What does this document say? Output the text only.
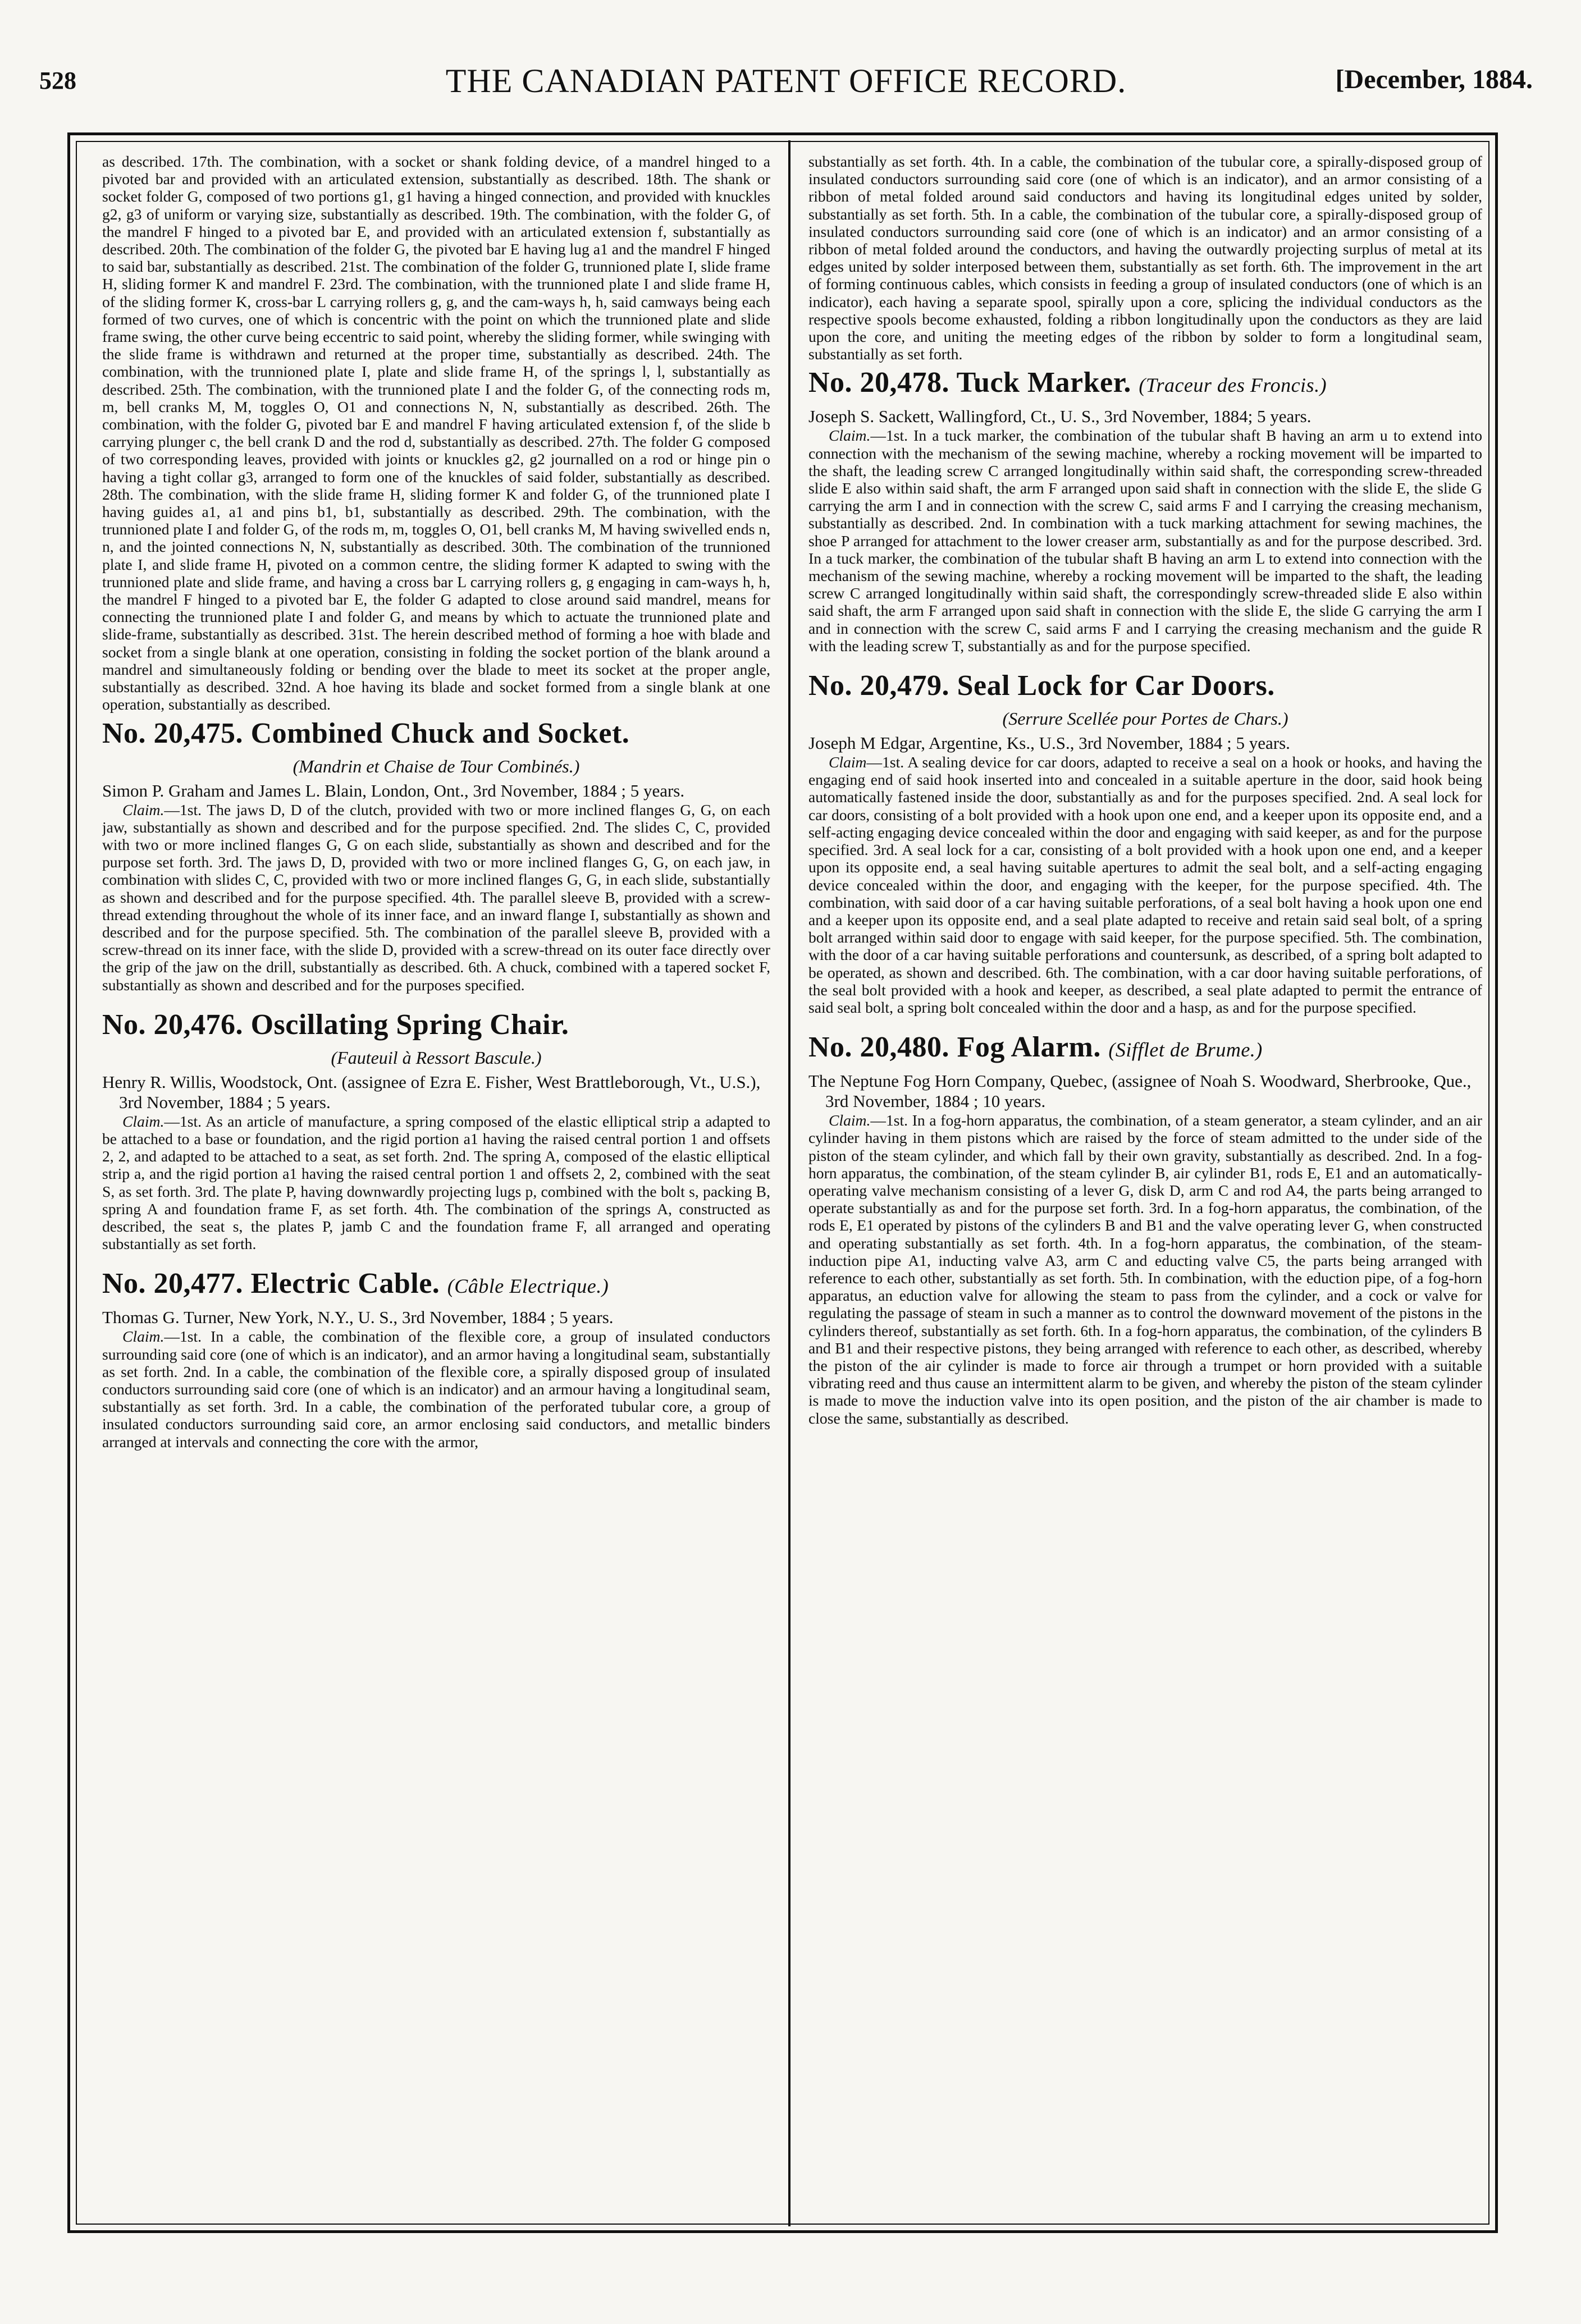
528	THE CANADIAN PATENT OFFICE RECORD.	[December, 1884.

as described. 17th. The combination, with a socket or shank folding device, of a mandrel hinged to a pivoted bar and provided with an articulated extension, substantially as described. 18th. The shank or socket folder G, composed of two portions g1, g1 having a hinged connection, and provided with knuckles g2, g3 of uniform or varying size, substantially as described. 19th. The combination, with the folder G, of the mandrel F hinged to a pivoted bar E, and provided with an articulated extension f, substantially as described. 20th. The combination of the folder G, the pivoted bar E having lug a1 and the mandrel F hinged to said bar, substantially as described. 21st. The combination of the folder G, trunnioned plate I, slide frame H, sliding former K and mandrel F. 23rd. The combination, with the trunnioned plate I and slide frame H, of the sliding former K, cross-bar L carrying rollers g, g, and the cam-ways h, h, said camways being each formed of two curves, one of which is concentric with the point on which the trunnioned plate and slide frame swing, the other curve being eccentric to said point, whereby the sliding former, while swinging with the slide frame is withdrawn and returned at the proper time, substantially as described. 24th. The combination, with the trunnioned plate I, plate and slide frame H, of the springs l, l, substantially as described. 25th. The combination, with the trunnioned plate I and the folder G, of the connecting rods m, m, bell cranks M, M, toggles O, O1 and connections N, N, substantially as described. 26th. The combination, with the folder G, pivoted bar E and mandrel F having articulated extension f, of the slide b carrying plunger c, the bell crank D and the rod d, substantially as described. 27th. The folder G composed of two corresponding leaves, provided with joints or knuckles g2, g2 journalled on a rod or hinge pin o having a tight collar g3, arranged to form one of the knuckles of said folder, substantially as described. 28th. The combination, with the slide frame H, sliding former K and folder G, of the trunnioned plate I having guides a1, a1 and pins b1, b1, substantially as described. 29th. The combination, with the trunnioned plate I and folder G, of the rods m, m, toggles O, O1, bell cranks M, M having swivelled ends n, n, and the jointed connections N, N, substantially as described. 30th. The combination of the trunnioned plate I, and slide frame H, pivoted on a common centre, the sliding former K adapted to swing with the trunnioned plate and slide frame, and having a cross bar L carrying rollers g, g engaging in cam-ways h, h, the mandrel F hinged to a pivoted bar E, the folder G adapted to close around said mandrel, means for connecting the trunnioned plate I and folder G, and means by which to actuate the trunnioned plate and slide-frame, substantially as described. 31st. The herein described method of forming a hoe with blade and socket from a single blank at one operation, consisting in folding the socket portion of the blank around a mandrel and simultaneously folding or bending over the blade to meet its socket at the proper angle, substantially as described. 32nd. A hoe having its blade and socket formed from a single blank at one operation, substantially as described.

No. 20,475. Combined Chuck and Socket.
(Mandrin et Chaise de Tour Combinés.)

Simon P. Graham and James L. Blain, London, Ont., 3rd November, 1884 ; 5 years.

Claim.—1st. The jaws D, D of the clutch, provided with two or more inclined flanges G, G, on each jaw, substantially as shown and described and for the purpose specified. 2nd. The slides C, C, provided with two or more inclined flanges G, G on each slide, substantially as shown and described and for the purpose set forth. 3rd. The jaws D, D, provided with two or more inclined flanges G, G, on each jaw, in combination with slides C, C, provided with two or more inclined flanges G, G, in each slide, substantially as shown and described and for the purpose specified. 4th. The parallel sleeve B, provided with a screw-thread extending throughout the whole of its inner face, and an inward flange I, substantially as shown and described and for the purpose specified. 5th. The combination of the parallel sleeve B, provided with a screw-thread on its inner face, with the slide D, provided with a screw-thread on its outer face directly over the grip of the jaw on the drill, substantially as described. 6th. A chuck, combined with a tapered socket F, substantially as shown and described and for the purposes specified.

No. 20,476. Oscillating Spring Chair.
(Fauteuil à Ressort Bascule.)

Henry R. Willis, Woodstock, Ont. (assignee of Ezra E. Fisher, West Brattleborough, Vt., U.S.), 3rd November, 1884 ; 5 years.

Claim.—1st. As an article of manufacture, a spring composed of the elastic elliptical strip a adapted to be attached to a base or foundation, and the rigid portion a1 having the raised central portion 1 and offsets 2, 2, and adapted to be attached to a seat, as set forth. 2nd. The spring A, composed of the elastic elliptical strip a, and the rigid portion a1 having the raised central portion 1 and offsets 2, 2, combined with the seat S, as set forth. 3rd. The plate P, having downwardly projecting lugs p, combined with the bolt s, packing B, spring A and foundation frame F, as set forth. 4th. The combination of the springs A, constructed as described, the seat s, the plates P, jamb C and the foundation frame F, all arranged and operating substantially as set forth.

No. 20,477. Electric Cable. (Câble Electrique.)

Thomas G. Turner, New York, N.Y., U. S., 3rd November, 1884 ; 5 years.

Claim.—1st. In a cable, the combination of the flexible core, a group of insulated conductors surrounding said core (one of which is an indicator), and an armor having a longitudinal seam, substantially as set forth. 2nd. In a cable, the combination of the flexible core, a spirally disposed group of insulated conductors surrounding said core (one of which is an indicator) and an armour having a longitudinal seam, substantially as set forth. 3rd. In a cable, the combination of the perforated tubular core, a group of insulated conductors surrounding said core, an armor enclosing said conductors, and metallic binders arranged at intervals and connecting the core with the armor,

substantially as set forth. 4th. In a cable, the combination of the tubular core, a spirally-disposed group of insulated conductors surrounding said core (one of which is an indicator), and an armor consisting of a ribbon of metal folded around said conductors and having its longitudinal edges united by solder, substantially as set forth. 5th. In a cable, the combination of the tubular core, a spirally-disposed group of insulated conductors surrounding said core (one of which is an indicator) and an armor consisting of a ribbon of metal folded around the conductors, and having the outwardly projecting surplus of metal at its edges united by solder interposed between them, substantially as set forth. 6th. The improvement in the art of forming continuous cables, which consists in feeding a group of insulated conductors (one of which is an indicator), each having a separate spool, spirally upon a core, splicing the individual conductors as the respective spools become exhausted, folding a ribbon longitudinally upon the conductors as they are laid upon the core, and uniting the meeting edges of the ribbon by solder to form a longitudinal seam, substantially as set forth.

No. 20,478. Tuck Marker. (Traceur des Froncis.)

Joseph S. Sackett, Wallingford, Ct., U. S., 3rd November, 1884; 5 years.

Claim.—1st. In a tuck marker, the combination of the tubular shaft B having an arm u to extend into connection with the mechanism of the sewing machine, whereby a rocking movement will be imparted to the shaft, the leading screw C arranged longitudinally within said shaft, the corresponding screw-threaded slide E also within said shaft, the arm F arranged upon said shaft in connection with the slide E, the slide G carrying the arm I and in connection with the screw C, said arms F and I carrying the creasing mechanism, substantially as described. 2nd. In combination with a tuck marking attachment for sewing machines, the shoe P arranged for attachment to the lower creaser arm, substantially as and for the purpose described. 3rd. In a tuck marker, the combination of the tubular shaft B having an arm L to extend into connection with the mechanism of the sewing machine, whereby a rocking movement will be imparted to the shaft, the leading screw C arranged longitudinally within said shaft, the correspondingly screw-threaded slide E also within said shaft, the arm F arranged upon said shaft in connection with the slide E, the slide G carrying the arm I and in connection with the screw C, said arms F and I carrying the creasing mechanism and the guide R with the leading screw T, substantially as and for the purpose specified.

No. 20,479. Seal Lock for Car Doors.
(Serrure Scellée pour Portes de Chars.)

Joseph M Edgar, Argentine, Ks., U.S., 3rd November, 1884 ; 5 years.

Claim—1st. A sealing device for car doors, adapted to receive a seal on a hook or hooks, and having the engaging end of said hook inserted into and concealed in a suitable aperture in the door, said hook being automatically fastened inside the door, substantially as and for the purposes specified. 2nd. A seal lock for car doors, consisting of a bolt provided with a hook upon one end, and a keeper upon its opposite end, and a self-acting engaging device concealed within the door and engaging with said keeper, as and for the purpose specified. 3rd. A seal lock for a car, consisting of a bolt provided with a hook upon one end, and a keeper upon its opposite end, a seal having suitable apertures to admit the seal bolt, and a self-acting engaging device concealed within the door, and engaging with the keeper, for the purpose specified. 4th. The combination, with said door of a car having suitable perforations, of a seal bolt having a hook upon one end and a keeper upon its opposite end, and a seal plate adapted to receive and retain said seal bolt, of a spring bolt arranged within said door to engage with said keeper, for the purpose specified. 5th. The combination, with the door of a car having suitable perforations and countersunk, as described, of a spring bolt adapted to be operated, as shown and described. 6th. The combination, with a car door having suitable perforations, of the seal bolt provided with a hook and keeper, as described, a seal plate adapted to permit the entrance of said seal bolt, a spring bolt concealed within the door and a hasp, as and for the purpose specified.

No. 20,480. Fog Alarm. (Sifflet de Brume.)

The Neptune Fog Horn Company, Quebec, (assignee of Noah S. Woodward, Sherbrooke, Que., 3rd November, 1884 ; 10 years.

Claim.—1st. In a fog-horn apparatus, the combination, of a steam generator, a steam cylinder, and an air cylinder having in them pistons which are raised by the force of steam admitted to the under side of the piston of the steam cylinder, and which fall by their own gravity, substantially as described. 2nd. In a fog-horn apparatus, the combination, of the steam cylinder B, air cylinder B1, rods E, E1 and an automatically-operating valve mechanism consisting of a lever G, disk D, arm C and rod A4, the parts being arranged to operate substantially as and for the purpose set forth. 3rd. In a fog-horn apparatus, the combination, of the rods E, E1 operated by pistons of the cylinders B and B1 and the valve operating lever G, when constructed and operating substantially as set forth. 4th. In a fog-horn apparatus, the combination, of the steam-induction pipe A1, inducting valve A3, arm C and educting valve C5, the parts being arranged with reference to each other, substantially as set forth. 5th. In combination, with the eduction pipe, of a fog-horn apparatus, an eduction valve for allowing the steam to pass from the cylinder, and a cock or valve for regulating the passage of steam in such a manner as to control the downward movement of the pistons in the cylinders thereof, substantially as set forth. 6th. In a fog-horn apparatus, the combination, of the cylinders B and B1 and their respective pistons, they being arranged with reference to each other, as described, whereby the piston of the air cylinder is made to force air through a trumpet or horn provided with a suitable vibrating reed and thus cause an intermittent alarm to be given, and whereby the piston of the steam cylinder is made to move the induction valve into its open position, and the piston of the air chamber is made to close the same, substantially as described.
